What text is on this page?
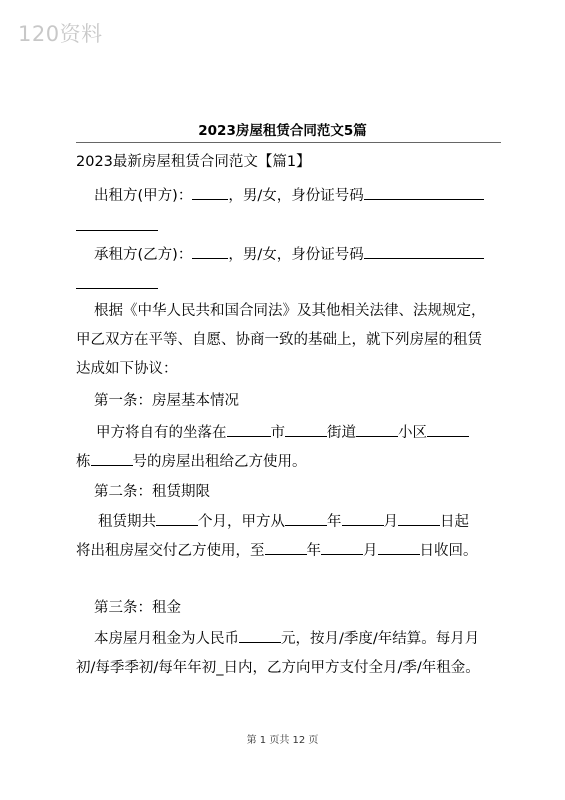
120资料
2023房屋租赁合同范文5篇
2023最新房屋租赁合同范文【篇1】
出租方(甲方)： ，男/女，身份证号码
承租方(乙方)： ，男/女，身份证号码
根据《中华人民共和国合同法》及其他相关法律、法规规定，
甲乙双方在平等、自愿、协商一致的基础上，就下列房屋的租赁
达成如下协议：
第一条：房屋基本情况
甲方将自有的坐落在	市	街道	小区
栋	号的房屋出租给乙方使用。
第二条：租赁期限
租赁期共	个月，甲方从	年	月	日起
将出租房屋交付乙方使用，至	年	月	日收回。
第三条：租金
本房屋月租金为人民币	元，按月/季度/年结算。每月月
初/每季季初/每年年初_日内，乙方向甲方支付全月/季/年租金。
第 1 页共 12 页
